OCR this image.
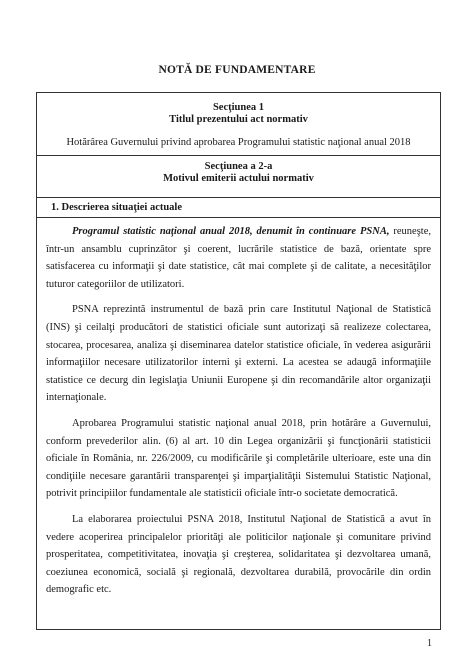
NOTĂ DE FUNDAMENTARE
Secţiunea 1
Titlul prezentului act normativ
Hotărârea Guvernului privind aprobarea Programului statistic naţional anual 2018
Secţiunea a 2-a
Motivul emiterii actului normativ
1. Descrierea situaţiei actuale

Programul statistic naţional anual 2018, denumit în continuare PSNA, reuneşte, într-un ansamblu cuprinzător şi coerent, lucrările statistice de bază, orientate spre satisfacerea cu informaţii şi date statistice, cât mai complete şi de calitate, a necesităţilor tuturor categoriilor de utilizatori.

PSNA reprezintă instrumentul de bază prin care Institutul Naţional de Statistică (INS) şi ceilalţi producători de statistici oficiale sunt autorizaţi să realizeze colectarea, stocarea, procesarea, analiza şi diseminarea datelor statistice oficiale, în vederea asigurării informaţiilor necesare utilizatorilor interni şi externi. La acestea se adaugă informaţiile statistice ce decurg din legislaţia Uniunii Europene şi din recomandările altor organizaţii internaţionale.

Aprobarea Programului statistic naţional anual 2018, prin hotărâre a Guvernului, conform prevederilor alin. (6) al art. 10 din Legea organizării şi funcţionării statisticii oficiale în România, nr. 226/2009, cu modificările şi completările ulterioare, este una din condiţiile necesare garantării transparenţei şi imparţialităţii Sistemului Statistic Naţional, potrivit principiilor fundamentale ale statisticii oficiale într-o societate democratică.

La elaborarea proiectului PSNA 2018, Institutul Naţional de Statistică a avut în vedere acoperirea principalelor priorităţi ale politicilor naţionale şi comunitare privind prosperitatea, competitivitatea, inovaţia şi creşterea, solidaritatea şi dezvoltarea umană, coeziunea economică, socială şi regională, dezvoltarea durabilă, provocările din ordin demografic etc.

1
